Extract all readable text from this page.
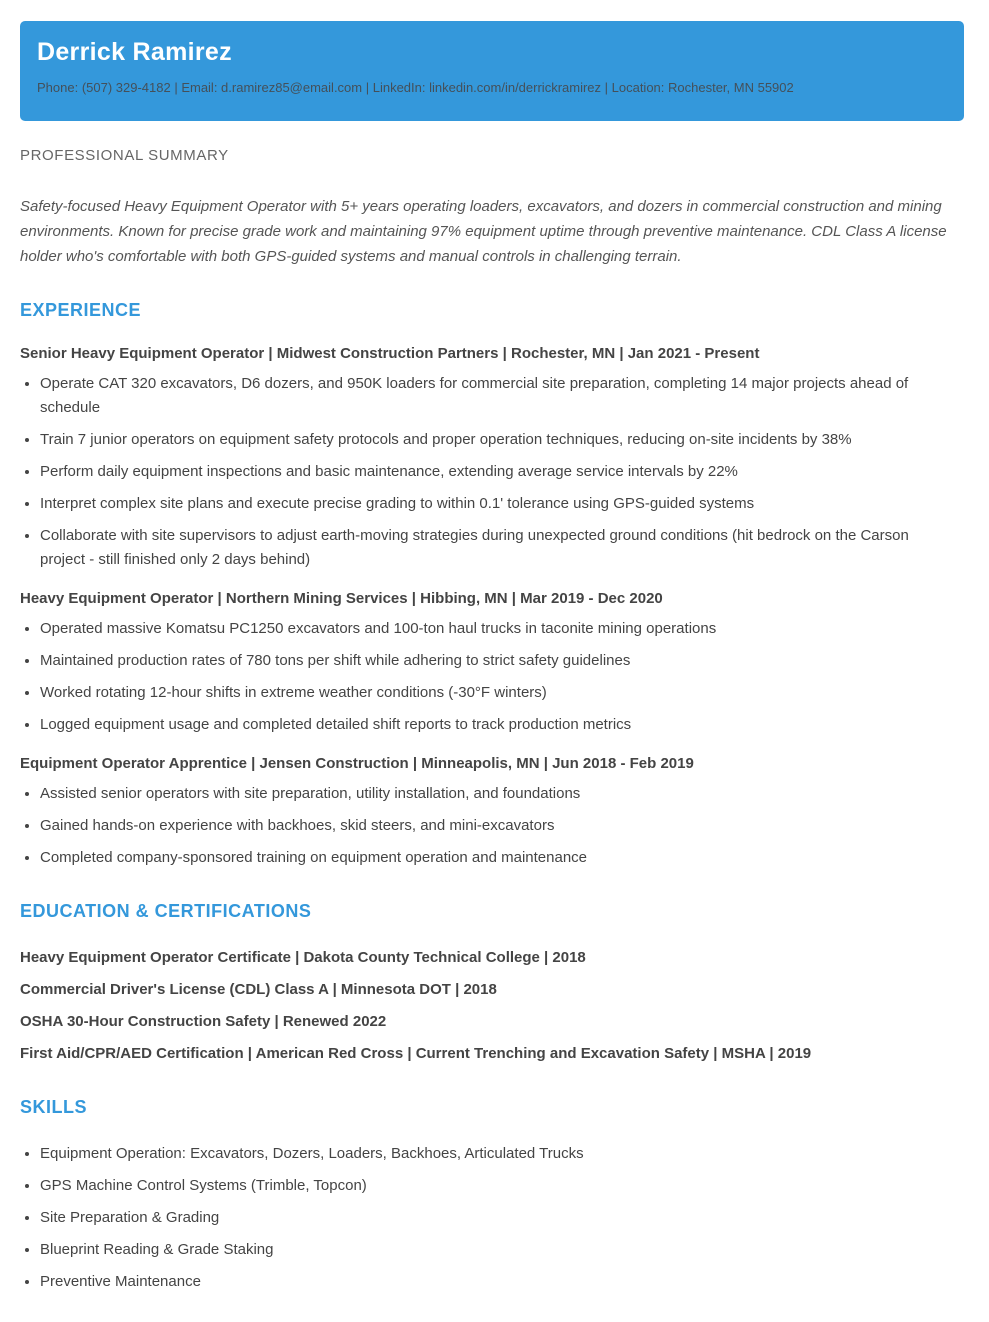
Derrick Ramirez

Phone: (507) 329-4182 | Email: d.ramirez85@email.com | LinkedIn: linkedin.com/in/derrickramirez | Location: Rochester, MN 55902

PROFESSIONAL SUMMARY

Safety-focused Heavy Equipment Operator with 5+ years operating loaders, excavators, and dozers in commercial construction and mining environments. Known for precise grade work and maintaining 97% equipment uptime through preventive maintenance. CDL Class A license holder who's comfortable with both GPS-guided systems and manual controls in challenging terrain.

EXPERIENCE
Senior Heavy Equipment Operator | Midwest Construction Partners | Rochester, MN | Jan 2021 - Present
• Operate CAT 320 excavators, D6 dozers, and 950K loaders for commercial site preparation, completing 14 major projects ahead of schedule
• Train 7 junior operators on equipment safety protocols and proper operation techniques, reducing on-site incidents by 38%
• Perform daily equipment inspections and basic maintenance, extending average service intervals by 22%
• Interpret complex site plans and execute precise grading to within 0.1' tolerance using GPS-guided systems
• Collaborate with site supervisors to adjust earth-moving strategies during unexpected ground conditions (hit bedrock on the Carson project - still finished only 2 days behind)
Heavy Equipment Operator | Northern Mining Services | Hibbing, MN | Mar 2019 - Dec 2020
• Operated massive Komatsu PC1250 excavators and 100-ton haul trucks in taconite mining operations
• Maintained production rates of 780 tons per shift while adhering to strict safety guidelines
• Worked rotating 12-hour shifts in extreme weather conditions (-30°F winters)
• Logged equipment usage and completed detailed shift reports to track production metrics
Equipment Operator Apprentice | Jensen Construction | Minneapolis, MN | Jun 2018 - Feb 2019
• Assisted senior operators with site preparation, utility installation, and foundations
• Gained hands-on experience with backhoes, skid steers, and mini-excavators
• Completed company-sponsored training on equipment operation and maintenance
EDUCATION & CERTIFICATIONS
Heavy Equipment Operator Certificate | Dakota County Technical College | 2018
Commercial Driver's License (CDL) Class A | Minnesota DOT | 2018
OSHA 30-Hour Construction Safety | Renewed 2022
First Aid/CPR/AED Certification | American Red Cross | Current Trenching and Excavation Safety | MSHA | 2019
SKILLS
• Equipment Operation: Excavators, Dozers, Loaders, Backhoes, Articulated Trucks
• GPS Machine Control Systems (Trimble, Topcon)
• Site Preparation & Grading
• Blueprint Reading & Grade Staking
• Preventive Maintenance
